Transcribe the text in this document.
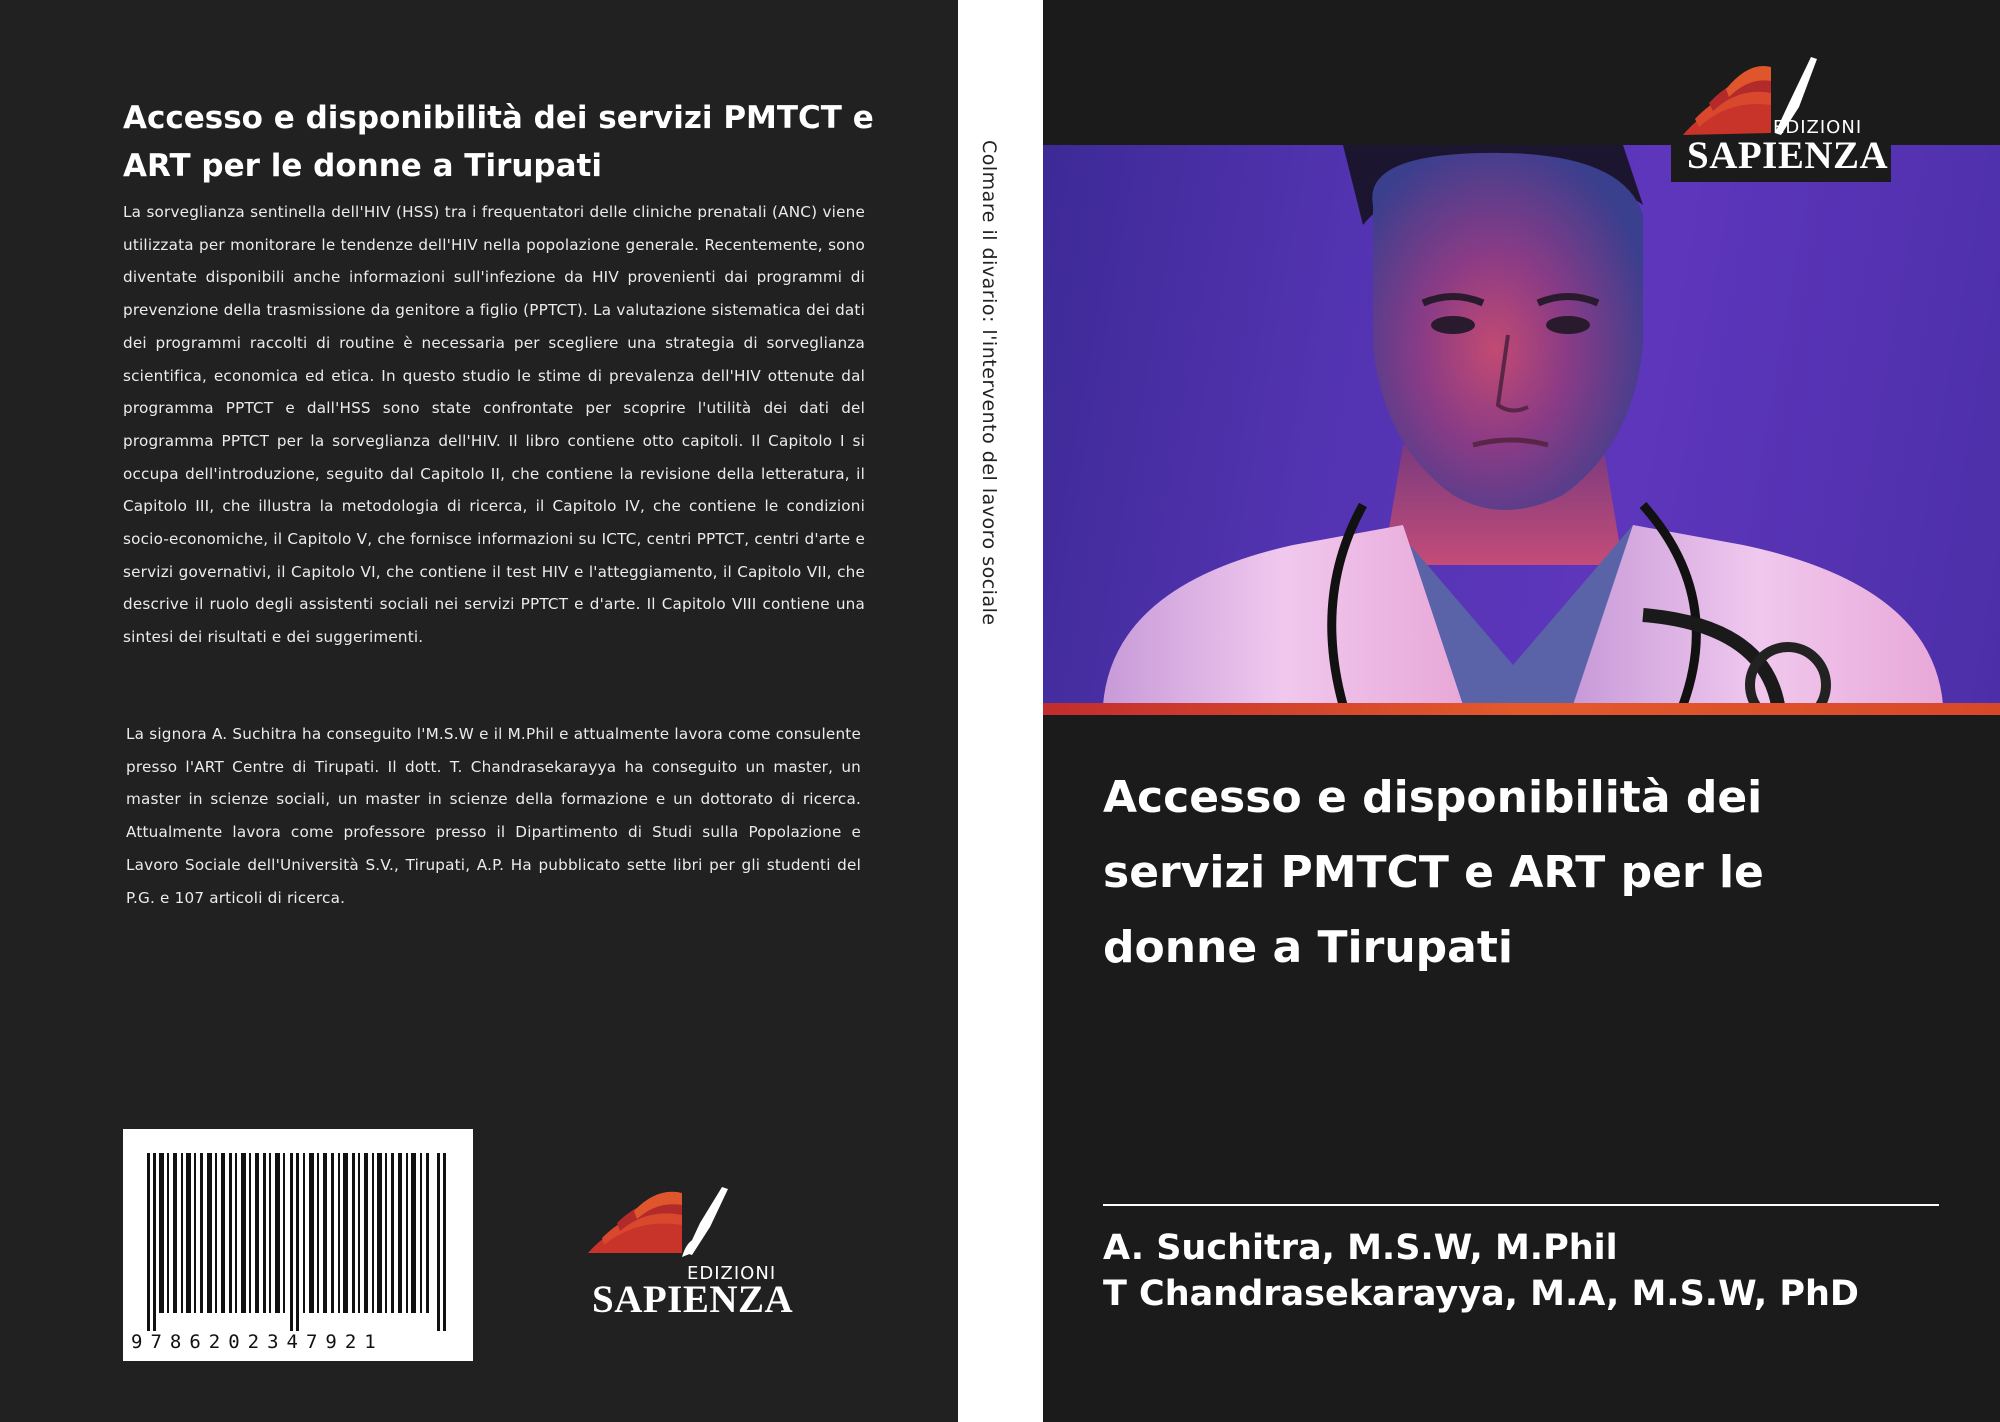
Accesso e disponibilità dei servizi PMTCT e ART per le donne a Tirupati

La sorveglianza sentinella dell'HIV (HSS) tra i frequentatori delle cliniche prenatali (ANC) viene utilizzata per monitorare le tendenze dell'HIV nella popolazione generale. Recentemente, sono diventate disponibili anche informazioni sull'infezione da HIV provenienti dai programmi di prevenzione della trasmissione da genitore a figlio (PPTCT). La valutazione sistematica dei dati dei programmi raccolti di routine è necessaria per scegliere una strategia di sorveglianza scientifica, economica ed etica. In questo studio le stime di prevalenza dell'HIV ottenute dal programma PPTCT e dall'HSS sono state confrontate per scoprire l'utilità dei dati del programma PPTCT per la sorveglianza dell'HIV. Il libro contiene otto capitoli. Il Capitolo I si occupa dell'introduzione, seguito dal Capitolo II, che contiene la revisione della letteratura, il Capitolo III, che illustra la metodologia di ricerca, il Capitolo IV, che contiene le condizioni socio-economiche, il Capitolo V, che fornisce informazioni su ICTC, centri PPTCT, centri d'arte e servizi governativi, il Capitolo VI, che contiene il test HIV e l'atteggiamento, il Capitolo VII, che descrive il ruolo degli assistenti sociali nei servizi PPTCT e d'arte. Il Capitolo VIII contiene una sintesi dei risultati e dei suggerimenti.

La signora A. Suchitra ha conseguito l'M.S.W e il M.Phil e attualmente lavora come consulente presso l'ART Centre di Tirupati. Il dott. T. Chandrasekarayya ha conseguito un master, un master in scienze sociali, un master in scienze della formazione e un dottorato di ricerca. Attualmente lavora come professore presso il Dipartimento di Studi sulla Popolazione e Lavoro Sociale dell'Università S.V., Tirupati, A.P. Ha pubblicato sette libri per gli studenti del P.G. e 107 articoli di ricerca.

9786202347921
EDIZIONI
SAPIENZA
Colmare il divario: l'intervento del lavoro sociale
EDIZIONI
SAPIENZA
Accesso e disponibilità dei servizi PMTCT e ART per le donne a Tirupati
A. Suchitra, M.S.W, M.Phil
T Chandrasekarayya, M.A, M.S.W, PhD
